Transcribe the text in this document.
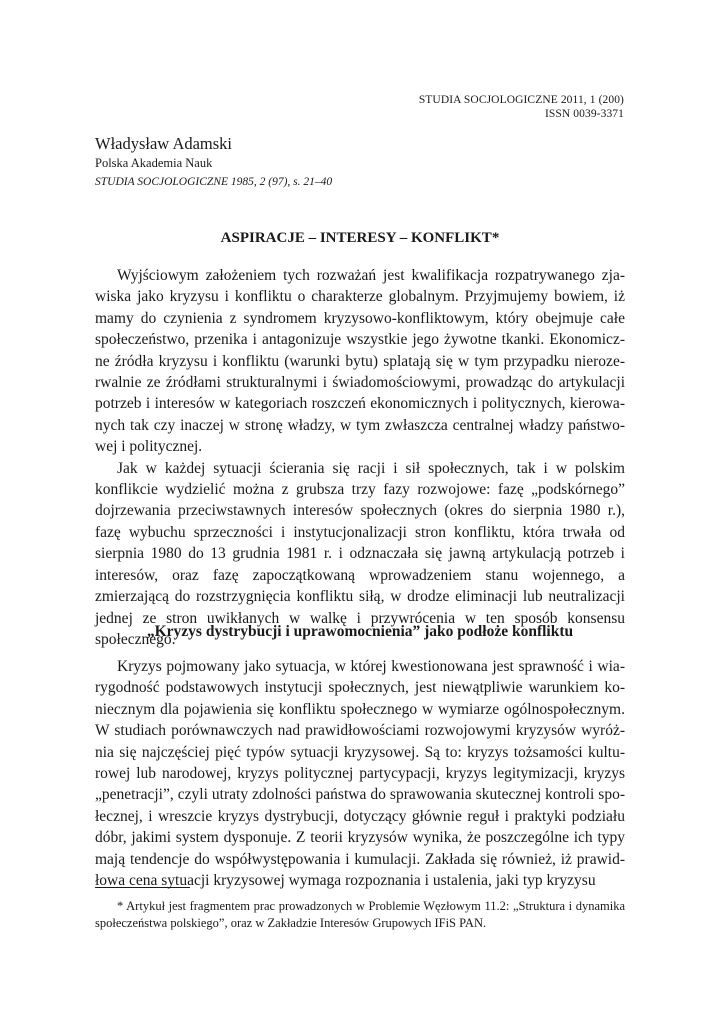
STUDIA SOCJOLOGICZNE 2011, 1 (200)
ISSN 0039-3371
Władysław Adamski
Polska Akademia Nauk
STUDIA SOCJOLOGICZNE 1985, 2 (97), s. 21–40
ASPIRACJE – INTERESY – KONFLIKT*

Wyjściowym założeniem tych rozważań jest kwalifikacja rozpatrywanego zjawiska jako kryzysu i konfliktu o charakterze globalnym. Przyjmujemy bowiem, iż mamy do czynienia z syndromem kryzysowo-konfliktowym, który obejmuje całe społeczeństwo, przenika i antagonizuje wszystkie jego żywotne tkanki. Ekonomiczne źródła kryzysu i konfliktu (warunki bytu) splatają się w tym przypadku nierozerwalnie ze źródłami strukturalnymi i świadomościowymi, prowadząc do artykulacji potrzeb i interesów w kategoriach roszczeń ekonomicznych i politycznych, kierowanych tak czy inaczej w stronę władzy, w tym zwłaszcza centralnej władzy państwowej i politycznej.

Jak w każdej sytuacji ścierania się racji i sił społecznych, tak i w polskim konflikcie wydzielić można z grubsza trzy fazy rozwojowe: fazę „podskórnego” dojrzewania przeciwstawnych interesów społecznych (okres do sierpnia 1980 r.), fazę wybuchu sprzeczności i instytucjonalizacji stron konfliktu, która trwała od sierpnia 1980 do 13 grudnia 1981 r. i odznaczała się jawną artykulacją potrzeb i interesów, oraz fazę zapoczątkowaną wprowadzeniem stanu wojennego, a zmierzającą do rozstrzygnięcia konfliktu siłą, w drodze eliminacji lub neutralizacji jednej ze stron uwikłanych w walkę i przywrócenia w ten sposób konsensu społecznego.

„Kryzys dystrybucji i uprawomocnienia” jako podłoże konfliktu

Kryzys pojmowany jako sytuacja, w której kwestionowana jest sprawność i wiarygodność podstawowych instytucji społecznych, jest niewątpliwie warunkiem koniecznym dla pojawienia się konfliktu społecznego w wymiarze ogólnospołecznym. W studiach porównawczych nad prawidłowościami rozwojowymi kryzysów wyróżnia się najczęściej pięć typów sytuacji kryzysowej. Są to: kryzys tożsamości kulturowej lub narodowej, kryzys politycznej partycypacji, kryzys legitymizacji, kryzys „penetracji”, czyli utraty zdolności państwa do sprawowania skutecznej kontroli społecznej, i wreszcie kryzys dystrybucji, dotyczący głównie reguł i praktyki podziału dóbr, jakimi system dysponuje. Z teorii kryzysów wynika, że poszczególne ich typy mają tendencje do współwystępowania i kumulacji. Zakłada się również, iż prawidłowa cena sytuacji kryzysowej wymaga rozpoznania i ustalenia, jaki typ kryzysu

* Artykuł jest fragmentem prac prowadzonych w Problemie Węzłowym 11.2: „Struktura i dynamika społeczeństwa polskiego”, oraz w Zakładzie Interesów Grupowych IFiS PAN.
